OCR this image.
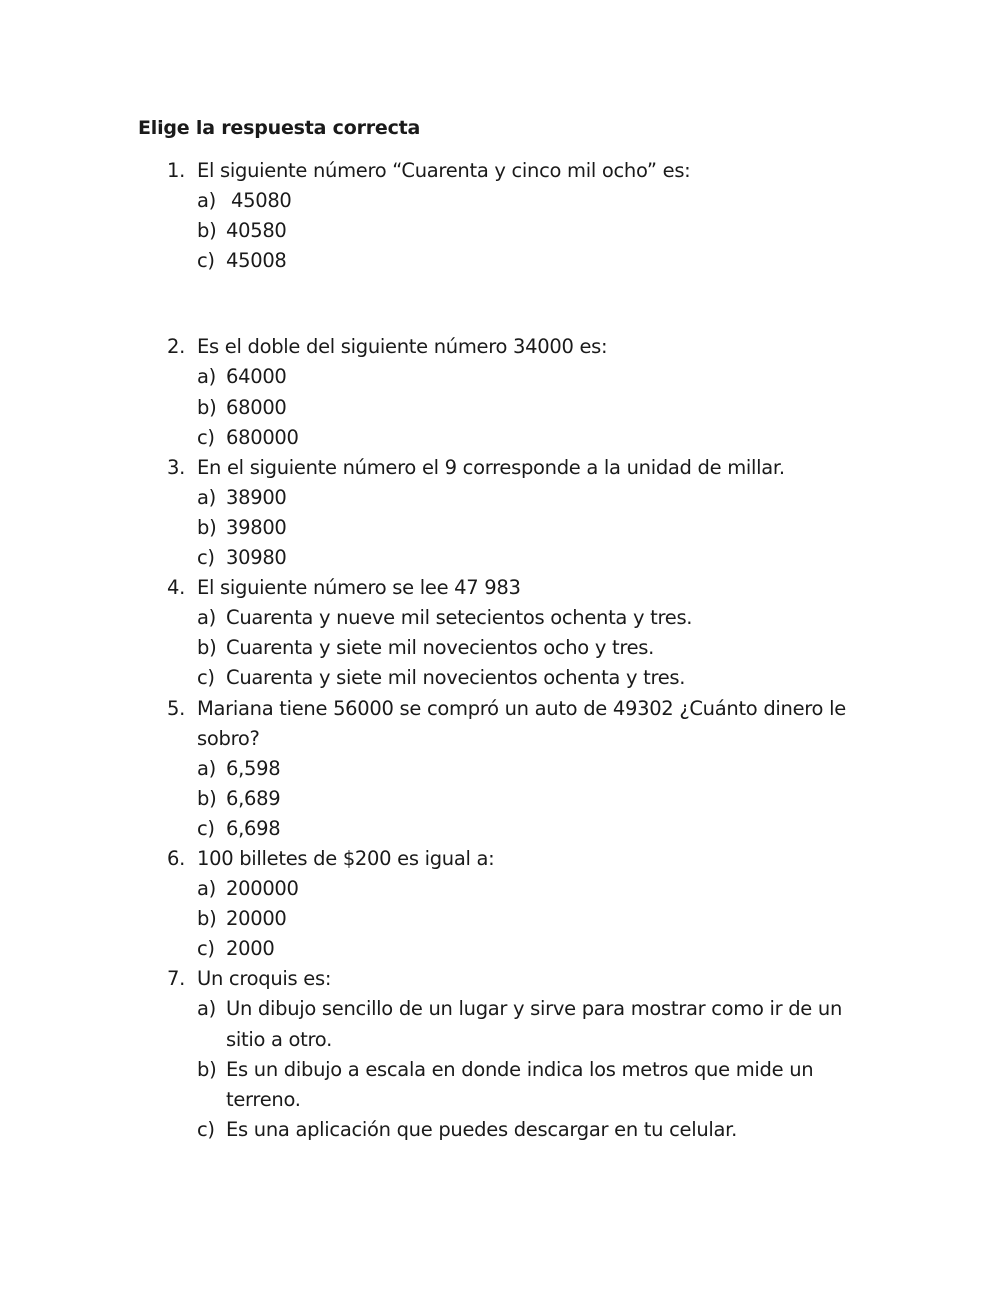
Elige la respuesta correcta
1. El siguiente número “Cuarenta y cinco mil ocho” es:
a) 45080
b) 40580
c) 45008
2. Es el doble del siguiente número 34000 es:
a) 64000
b) 68000
c) 680000
3. En el siguiente número el 9 corresponde a la unidad de millar.
a) 38900
b) 39800
c) 30980
4. El siguiente número se lee 47 983
a) Cuarenta y nueve mil setecientos ochenta y tres.
b) Cuarenta y siete mil novecientos ocho y tres.
c) Cuarenta y siete mil novecientos ochenta y tres.
5. Mariana tiene 56000 se compró un auto de 49302 ¿Cuánto dinero le sobro?
a) 6,598
b) 6,689
c) 6,698
6. 100 billetes de $200 es igual a:
a) 200000
b) 20000
c) 2000
7. Un croquis es:
a) Un dibujo sencillo de un lugar y sirve para mostrar como ir de un sitio a otro.
b) Es un dibujo a escala en donde indica los metros que mide un terreno.
c) Es una aplicación que puedes descargar en tu celular.
